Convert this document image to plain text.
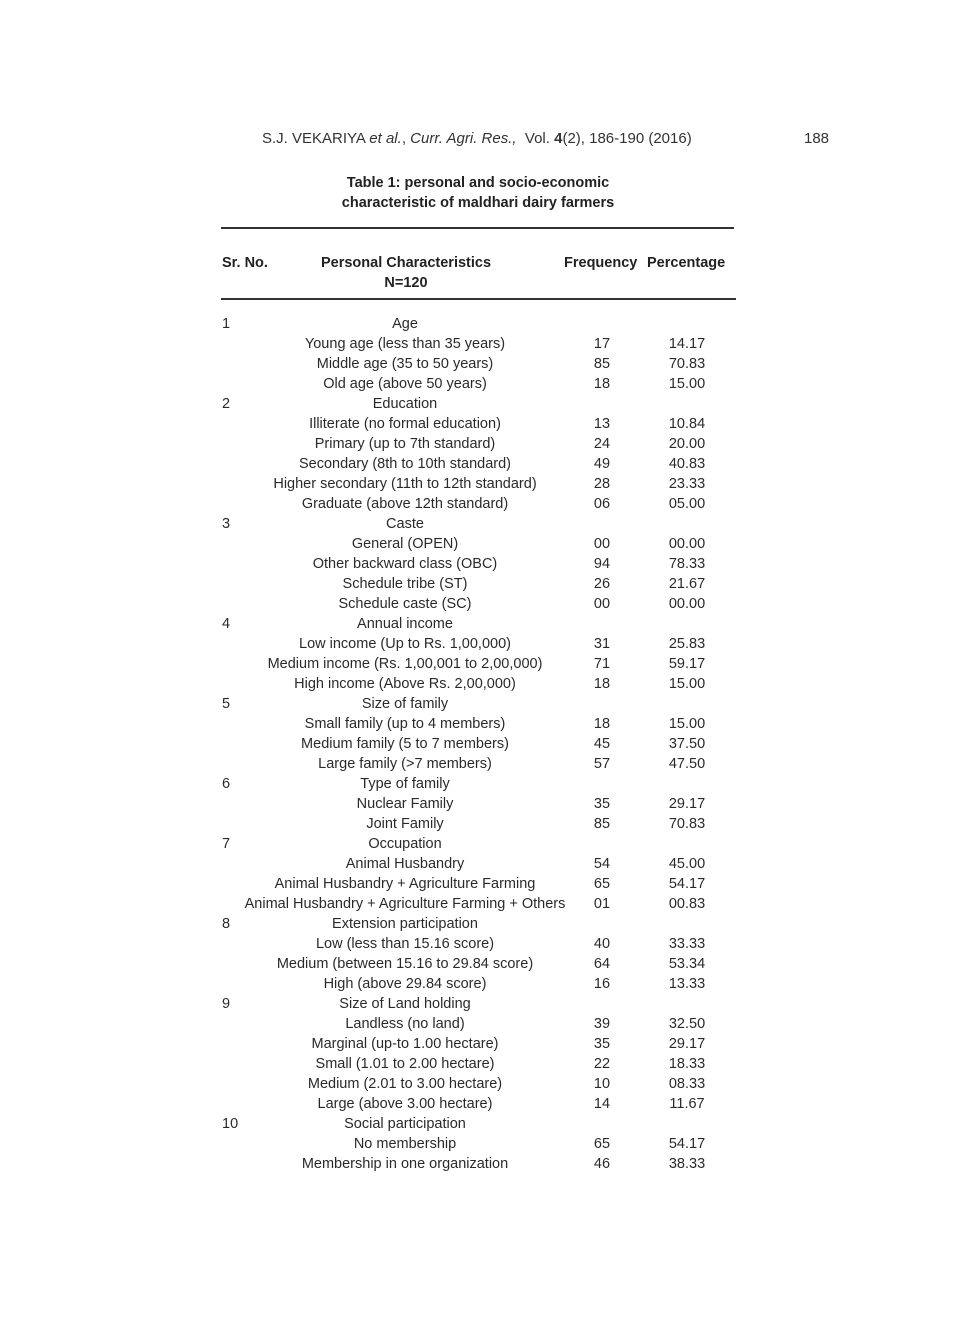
S.J. VEKARIYA et al., Curr. Agri. Res., Vol. 4(2), 186-190 (2016)	188
Table 1: personal and socio-economic
characteristic of maldhari dairy farmers
Sr. No.	Personal Characteristics
N=120
Frequency Percentage
1	Age
Young age (less than 35 years)	17	14.17
Middle age (35 to 50 years)	85	70.83
Old age (above 50 years)	18	15.00
2	Education
Illiterate (no formal education)	13	10.84
Primary (up to 7th standard)	24	20.00
Secondary (8th to 10th standard)	49	40.83
Higher secondary (11th to 12th standard)	28	23.33
Graduate (above 12th standard)	06	05.00
3	Caste
General (OPEN)	00	00.00
Other backward class (OBC)	94	78.33
Schedule tribe (ST)	26	21.67
Schedule caste (SC)	00	00.00
4	Annual income
Low income (Up to Rs. 1,00,000)	31	25.83
Medium income (Rs. 1,00,001 to 2,00,000)	71	59.17
High income (Above Rs. 2,00,000)	18	15.00
5	Size of family
Small family (up to 4 members)	18	15.00
Medium family (5 to 7 members)	45	37.50
Large family (>7 members)	57	47.50
6	Type of family
Nuclear Family	35	29.17
Joint Family	85	70.83
7	Occupation
Animal Husbandry	54	45.00
Animal Husbandry + Agriculture Farming	65	54.17
Animal Husbandry + Agriculture Farming + Others	01	00.83
8	Extension participation
Low (less than 15.16 score)	40	33.33
Medium (between 15.16 to 29.84 score)	64	53.34
High (above 29.84 score)	16	13.33
9	Size of Land holding
Landless (no land)	39	32.50
Marginal (up-to 1.00 hectare)	35	29.17
Small (1.01 to 2.00 hectare)	22	18.33
Medium (2.01 to 3.00 hectare)	10	08.33
Large (above 3.00 hectare)	14	11.67
10	Social participation
No membership	65	54.17
Membership in one organization	46	38.33
